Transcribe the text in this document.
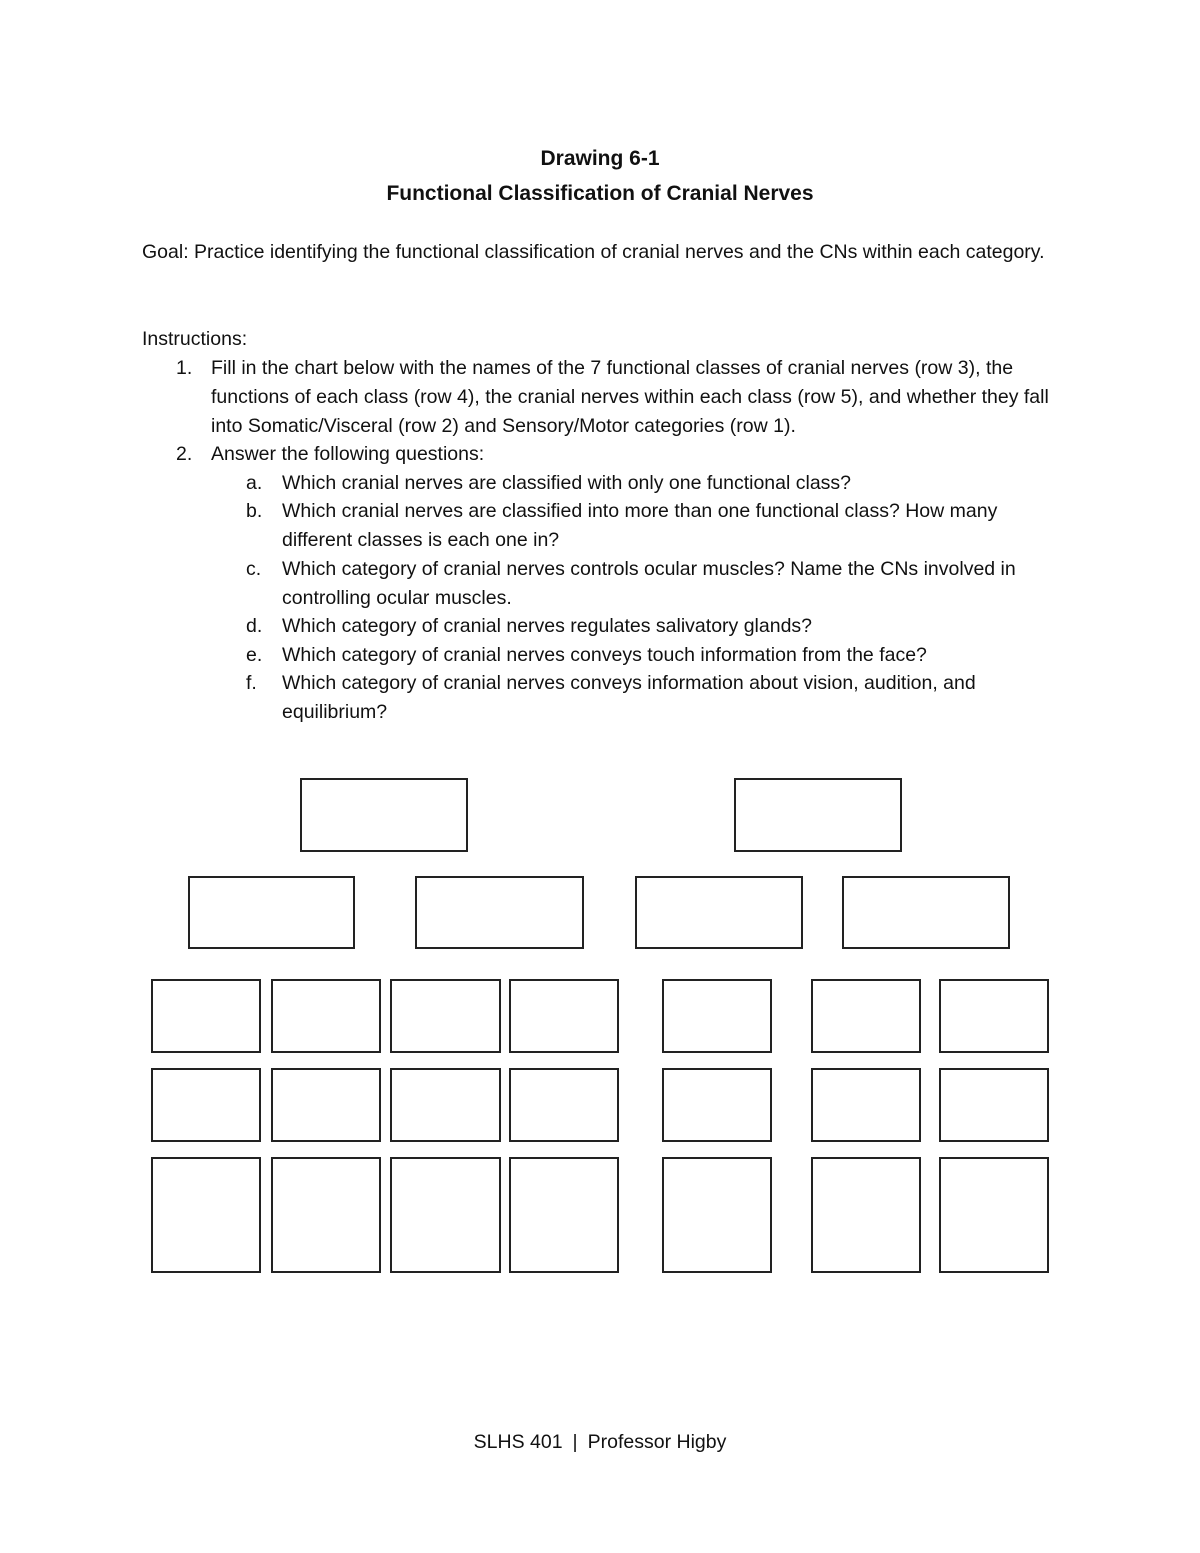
Drawing 6-1
Functional Classification of Cranial Nerves
Goal: Practice identifying the functional classification of cranial nerves and the CNs within each category.
Instructions:
1. Fill in the chart below with the names of the 7 functional classes of cranial nerves (row 3), the functions of each class (row 4), the cranial nerves within each class (row 5), and whether they fall into Somatic/Visceral (row 2) and Sensory/Motor categories (row 1).
2. Answer the following questions:
a.	Which cranial nerves are classified with only one functional class?
b.	Which cranial nerves are classified into more than one functional class? How many different classes is each one in?
c.	Which category of cranial nerves controls ocular muscles? Name the CNs involved in controlling ocular muscles.
d.	Which category of cranial nerves regulates salivatory glands?
e.	Which category of cranial nerves conveys touch information from the face?
f.	Which category of cranial nerves conveys information about vision, audition, and equilibrium?
SLHS 401 | Professor Higby
